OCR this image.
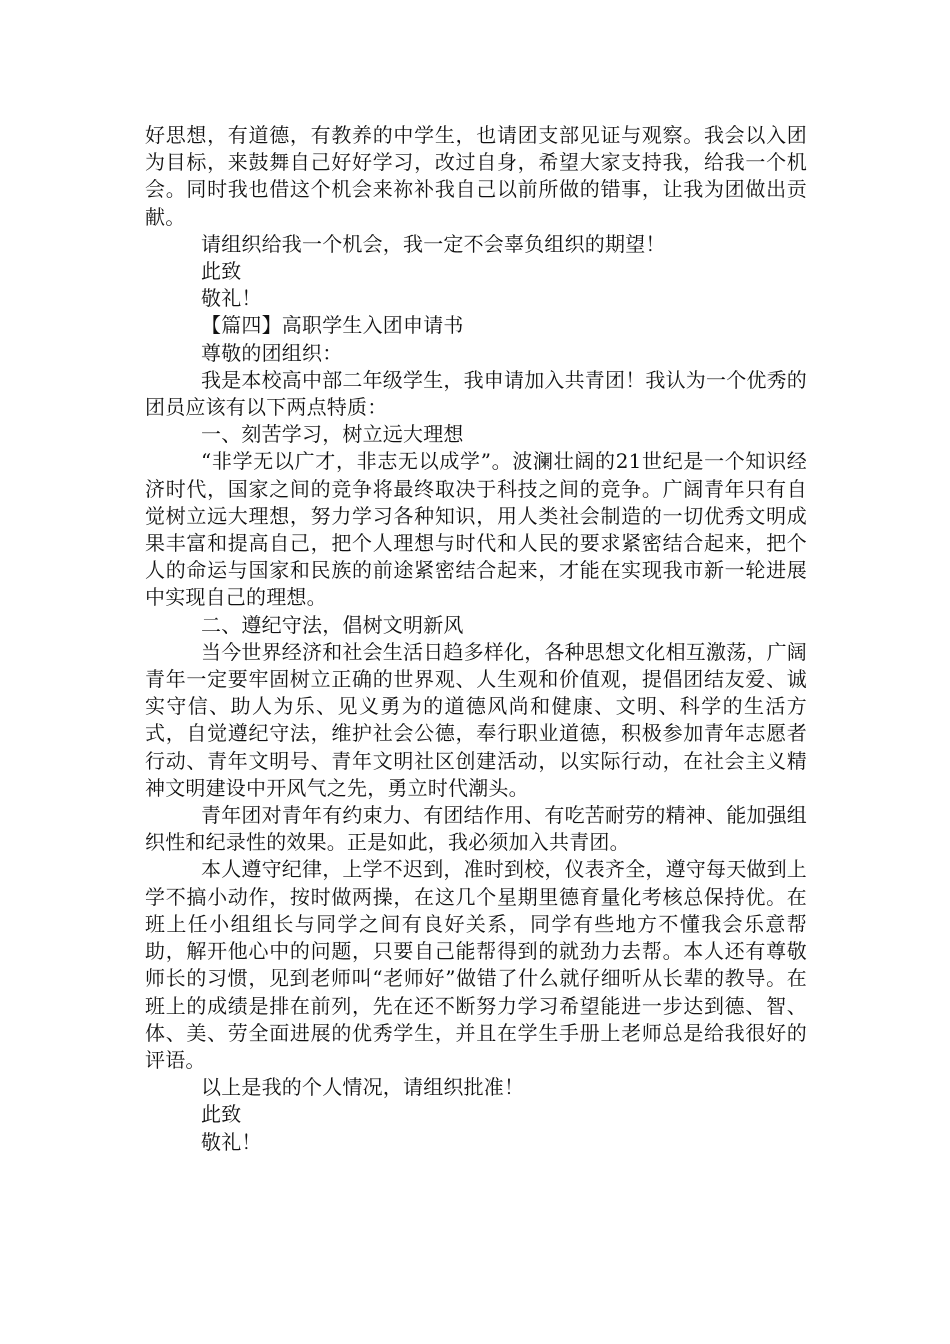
好思想，有道德，有教养的中学生，也请团支部见证与观察。我会以入团为目标，来鼓舞自己好好学习，改过自身，希望大家支持我，给我一个机会。同时我也借这个机会来祢补我自己以前所做的错事，让我为团做出贡献。

请组织给我一个机会，我一定不会辜负组织的期望！

此致

敬礼！

【篇四】高职学生入团申请书

尊敬的团组织：

我是本校高中部二年级学生，我申请加入共青团！我认为一个优秀的团员应该有以下两点特质：

一、刻苦学习，树立远大理想

“非学无以广才，非志无以成学”。波澜壮阔的21世纪是一个知识经济时代，国家之间的竞争将最终取决于科技之间的竞争。广阔青年只有自觉树立远大理想，努力学习各种知识，用人类社会制造的一切优秀文明成果丰富和提高自己，把个人理想与时代和人民的要求紧密结合起来，把个人的命运与国家和民族的前途紧密结合起来，才能在实现我市新一轮进展中实现自己的理想。

二、遵纪守法，倡树文明新风

当今世界经济和社会生活日趋多样化，各种思想文化相互激荡，广阔青年一定要牢固树立正确的世界观、人生观和价值观，提倡团结友爱、诚实守信、助人为乐、见义勇为的道德风尚和健康、文明、科学的生活方式，自觉遵纪守法，维护社会公德，奉行职业道德，积极参加青年志愿者行动、青年文明号、青年文明社区创建活动，以实际行动，在社会主义精神文明建设中开风气之先，勇立时代潮头。

青年团对青年有约束力、有团结作用、有吃苦耐劳的精神、能加强组织性和纪录性的效果。正是如此，我必须加入共青团。

本人遵守纪律，上学不迟到，准时到校，仪表齐全，遵守每天做到上学不搞小动作，按时做两操，在这几个星期里德育量化考核总保持优。在班上任小组组长与同学之间有良好关系，同学有些地方不懂我会乐意帮助，解开他心中的问题，只要自己能帮得到的就劲力去帮。本人还有尊敬师长的习惯，见到老师叫“老师好”做错了什么就仔细听从长辈的教导。在班上的成绩是排在前列，先在还不断努力学习希望能进一步达到德、智、体、美、劳全面进展的优秀学生，并且在学生手册上老师总是给我很好的评语。

以上是我的个人情况，请组织批准！

此致

敬礼！
